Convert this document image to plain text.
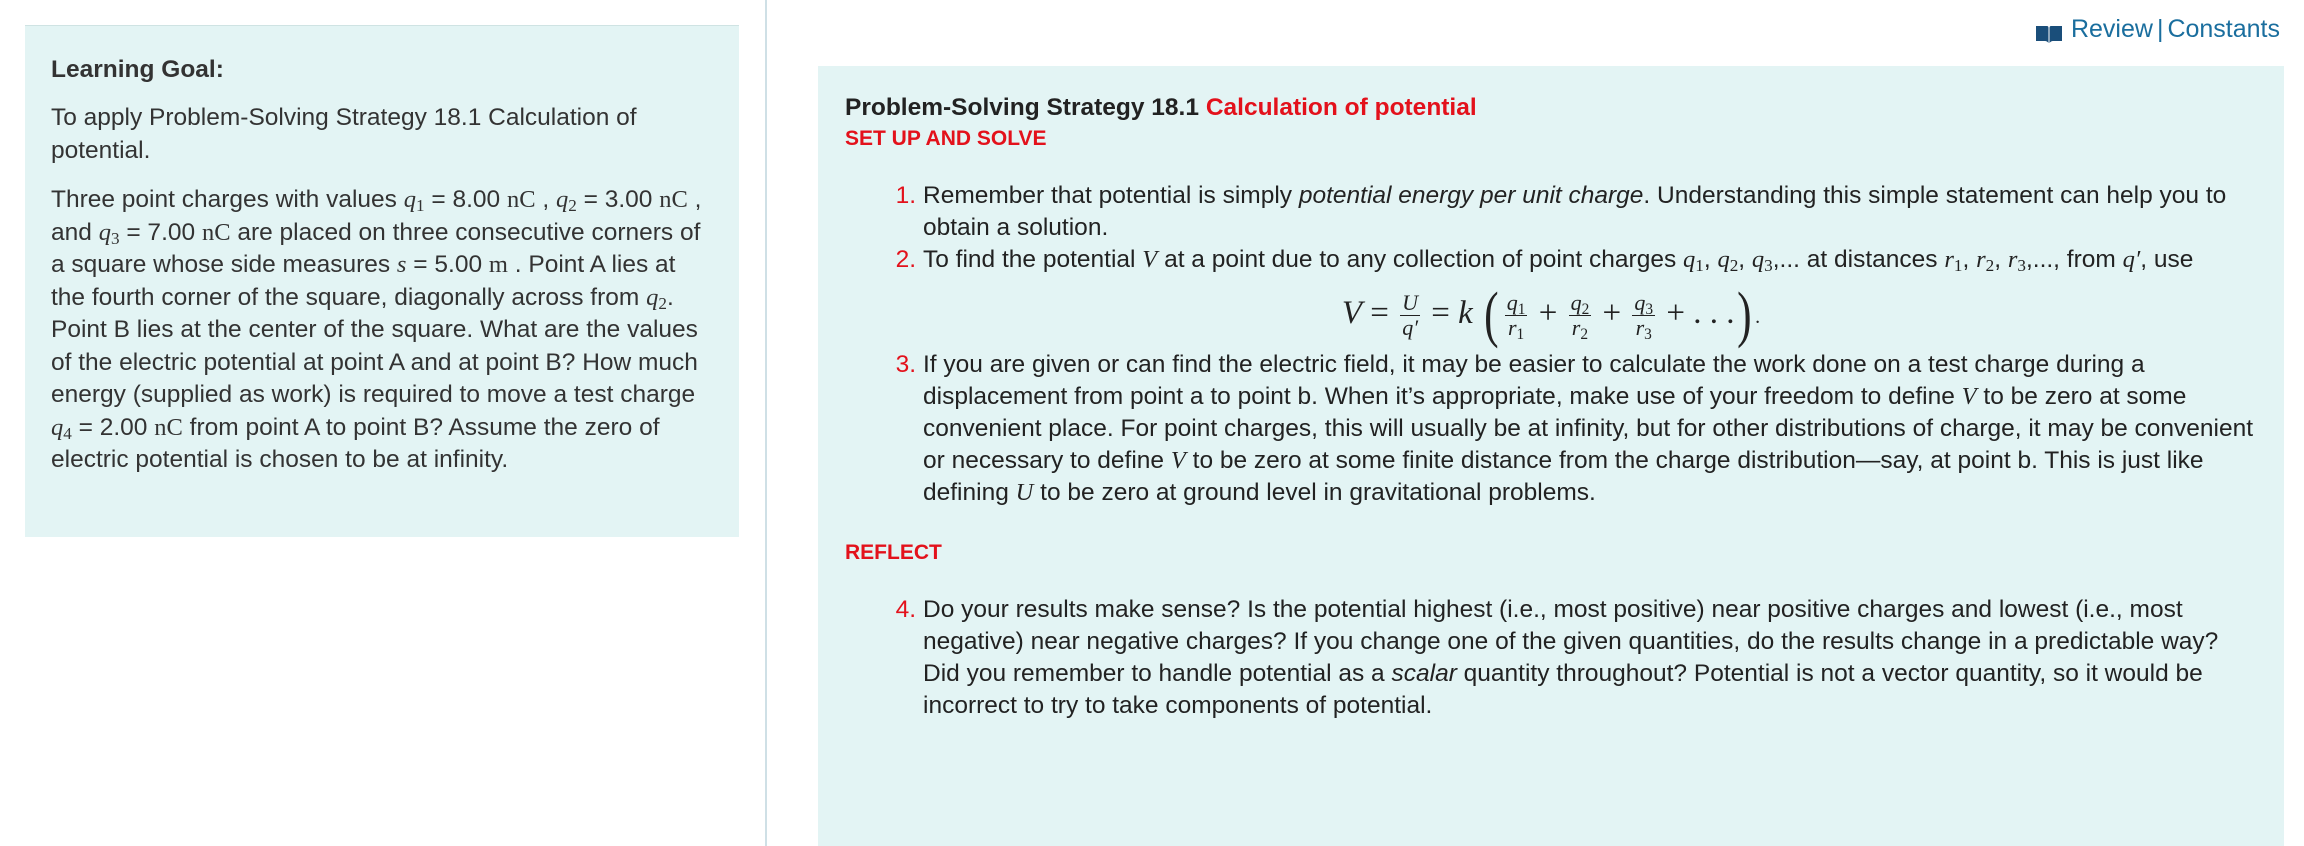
Review | Constants
Learning Goal:

To apply Problem-Solving Strategy 18.1 Calculation of potential.

Three point charges with values $q_1 = 8.00$ nC , $q_2 = 3.00$ nC , and $q_3 = 7.00$ nC are placed on three consecutive corners of a square whose side measures s = 5.00 m . Point A lies at the fourth corner of the square, diagonally across from $q_2$. Point B lies at the center of the square. What are the values of the electric potential at point A and at point B? How much energy (supplied as work) is required to move a test charge $q_4 = 2.00$ nC from point A to point B? Assume the zero of electric potential is chosen to be at infinity.

Problem-Solving Strategy 18.1 Calculation of potential
SET UP AND SOLVE
1. Remember that potential is simply potential energy per unit charge. Understanding this simple statement can help you to obtain a solution.
2. To find the potential V at a point due to any collection of point charges $q_1$, $q_2$, $q_3$,... at distances $r_1$, $r_2$, $r_3$,..., from q′, use
$V = \frac{U}{q'} = k$ ( $\frac{q_1}{r_1} + \frac{q_2}{r_2} + \frac{q_3}{r_3}$ + . . .) .
3. If you are given or can find the electric field, it may be easier to calculate the work done on a test charge during a displacement from point a to point b. When it’s appropriate, make use of your freedom to define V to be zero at some convenient place. For point charges, this will usually be at infinity, but for other distributions of charge, it may be convenient or necessary to define V to be zero at some finite distance from the charge distribution—say, at point b. This is just like defining U to be zero at ground level in gravitational problems.
REFLECT
4. Do your results make sense? Is the potential highest (i.e., most positive) near positive charges and lowest (i.e., most negative) near negative charges? If you change one of the given quantities, do the results change in a predictable way? Did you remember to handle potential as a scalar quantity throughout? Potential is not a vector quantity, so it would be incorrect to try to take components of potential.
